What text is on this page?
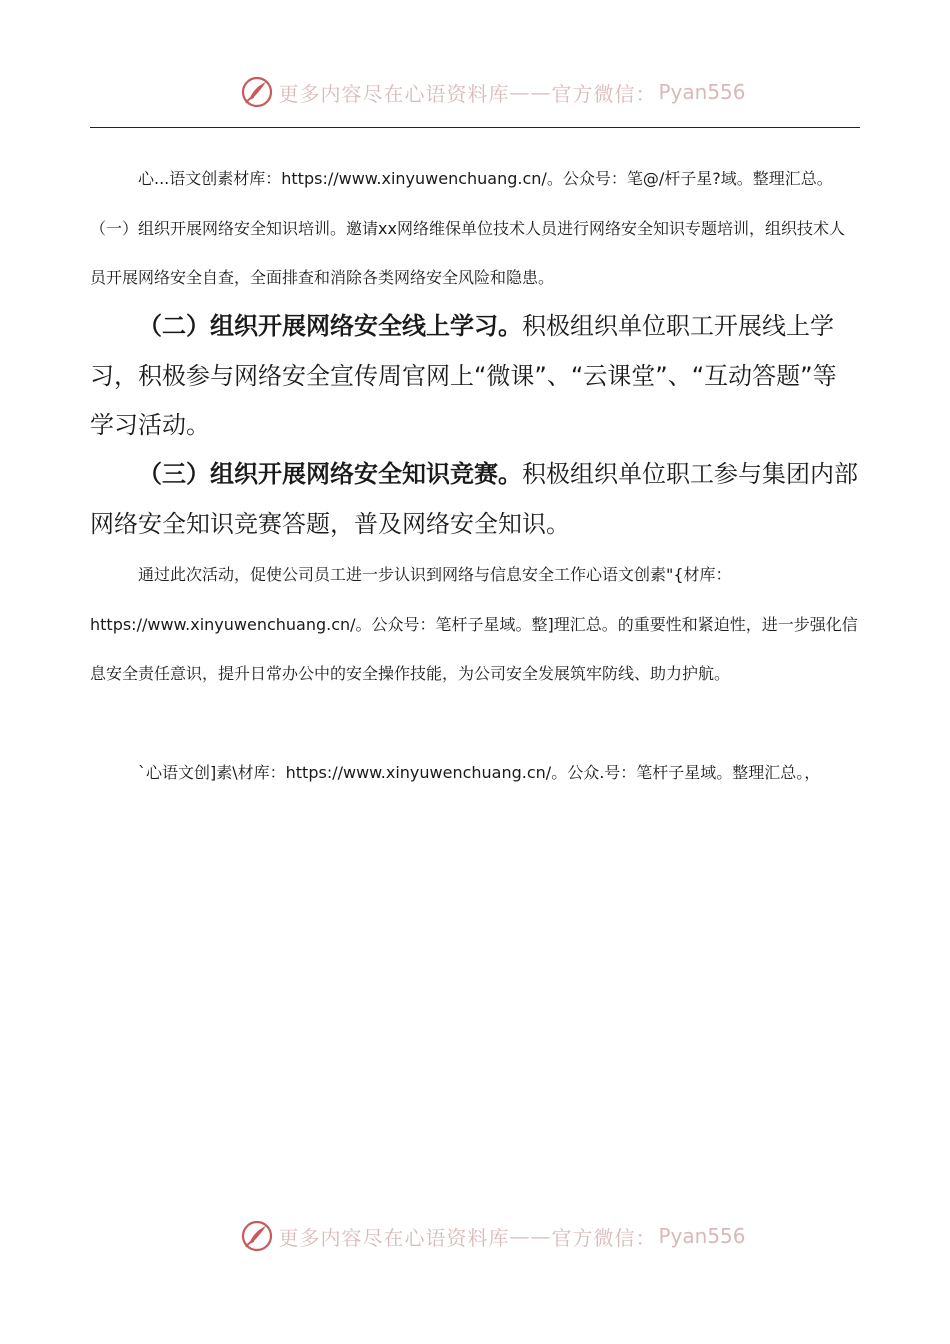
更多内容尽在心语资料库 —— 官方微信： Pyan556

心...语文创素材库：https://www.xinyuwenchuang.cn/。公众号：笔@/杆子星?域。整理汇总。（一）组织开展网络安全知识培训。邀请xx网络维保单位技术人员进行网络安全知识专题培训，组织技术人员开展网络安全自查，全面排查和消除各类网络安全风险和隐患。

（二）组织开展网络安全线上学习。积极组织单位职工开展线上学习，积极参与网络安全宣传周官网上“微课”、“云课堂”、“互动答题”等学习活动。

（三）组织开展网络安全知识竞赛。积极组织单位职工参与集团内部网络安全知识竞赛答题，普及网络安全知识。

通过此次活动，促使公司员工进一步认识到网络与信息安全工作心语文创素"{材库：https://www.xinyuwenchuang.cn/。公众号：笔杆子星域。整]理汇总。的重要性和紧迫性，进一步强化信息安全责任意识，提升日常办公中的安全操作技能，为公司安全发展筑牢防线、助力护航。

`心语文创]素\材库：https://www.xinyuwenchuang.cn/。公众.号：笔杆子星域。整理汇总。，

更多内容尽在心语资料库 —— 官方微信： Pyan556
